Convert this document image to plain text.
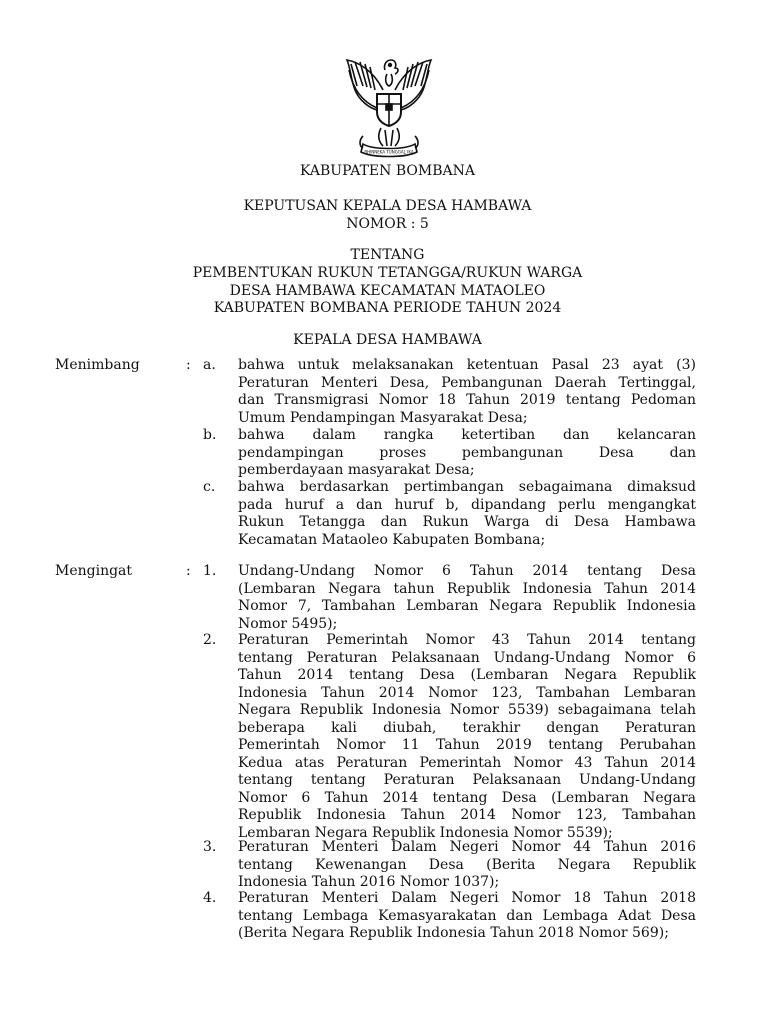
BHINNEKA TUNGGAL IKA
KABUPATEN BOMBANA
KEPUTUSAN KEPALA DESA HAMBAWA
NOMOR : 5
TENTANG
PEMBENTUKAN RUKUN TETANGGA/RUKUN WARGA
DESA HAMBAWA KECAMATAN MATAOLEO
KABUPATEN BOMBANA PERIODE TAHUN 2024
KEPALA DESA HAMBAWA
Menimbang	: a. bahwa untuk melaksanakan ketentuan Pasal 23 ayat (3)
Peraturan Menteri Desa, Pembangunan Daerah Tertinggal,
dan Transmigrasi Nomor 18 Tahun 2019 tentang Pedoman
Umum Pendampingan Masyarakat Desa;
b. bahwa dalam rangka ketertiban dan kelancaran
pendampingan proses pembangunan Desa dan
pemberdayaan masyarakat Desa;
c. bahwa berdasarkan pertimbangan sebagaimana dimaksud
pada huruf a dan huruf b, dipandang perlu mengangkat
Rukun Tetangga dan Rukun Warga di Desa Hambawa
Kecamatan Mataoleo Kabupaten Bombana;
Mengingat	: 1. Undang-Undang Nomor 6 Tahun 2014 tentang Desa
(Lembaran Negara tahun Republik Indonesia Tahun 2014
Nomor 7, Tambahan Lembaran Negara Republik Indonesia
Nomor 5495);
2. Peraturan Pemerintah Nomor 43 Tahun 2014 tentang
tentang Peraturan Pelaksanaan Undang-Undang Nomor 6
Tahun 2014 tentang Desa (Lembaran Negara Republik
Indonesia Tahun 2014 Nomor 123, Tambahan Lembaran
Negara Republik Indonesia Nomor 5539) sebagaimana telah
beberapa kali diubah, terakhir dengan Peraturan
Pemerintah Nomor 11 Tahun 2019 tentang Perubahan
Kedua atas Peraturan Pemerintah Nomor 43 Tahun 2014
tentang tentang Peraturan Pelaksanaan Undang-Undang
Nomor 6 Tahun 2014 tentang Desa (Lembaran Negara
Republik Indonesia Tahun 2014 Nomor 123, Tambahan
Lembaran Negara Republik Indonesia Nomor 5539);
3. Peraturan Menteri Dalam Negeri Nomor 44 Tahun 2016
tentang Kewenangan Desa (Berita Negara Republik
Indonesia Tahun 2016 Nomor 1037);
4. Peraturan Menteri Dalam Negeri Nomor 18 Tahun 2018
tentang Lembaga Kemasyarakatan dan Lembaga Adat Desa
(Berita Negara Republik Indonesia Tahun 2018 Nomor 569);
